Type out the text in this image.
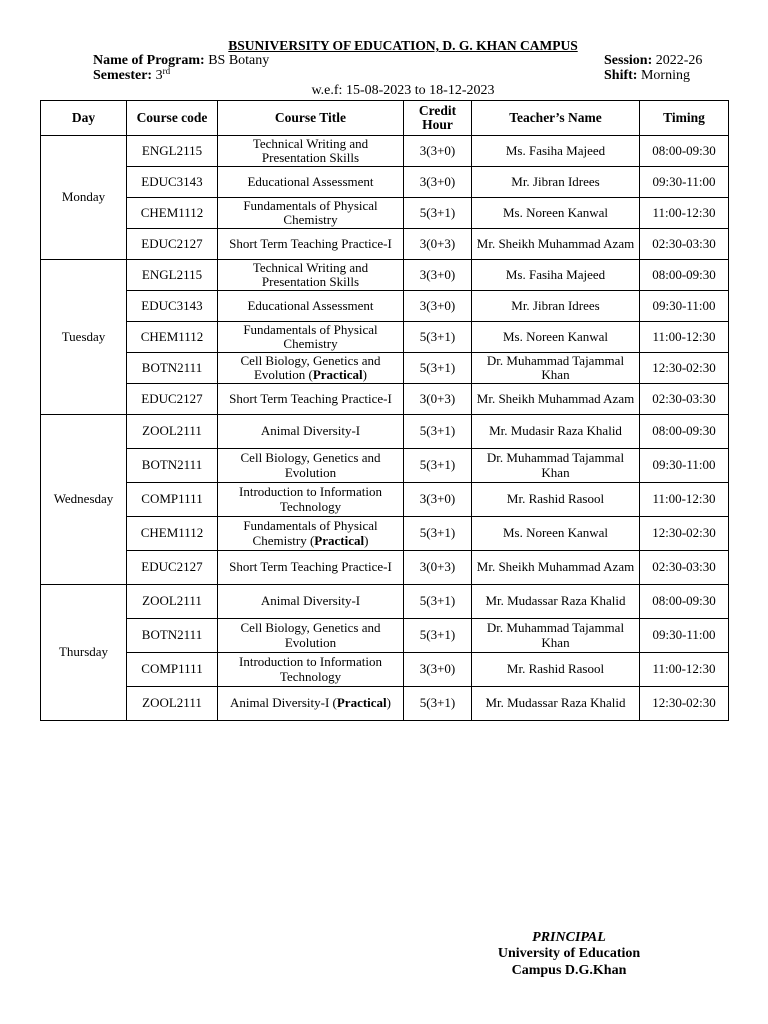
BSUNIVERSITY OF EDUCATION, D. G. KHAN CAMPUS
Name of Program: BS Botany
Semester: 3rd
Session: 2022-26
Shift: Morning
w.e.f: 15-08-2023 to 18-12-2023
Day	Course code	Course Title	Credit Hour	Teacher’s Name	Timing
Monday	ENGL2115	Technical Writing and Presentation Skills	3(3+0)	Ms. Fasiha Majeed	08:00-09:30
	EDUC3143	Educational Assessment	3(3+0)	Mr. Jibran Idrees	09:30-11:00
	CHEM1112	Fundamentals of Physical Chemistry	5(3+1)	Ms. Noreen Kanwal	11:00-12:30
	EDUC2127	Short Term Teaching Practice-I	3(0+3)	Mr. Sheikh Muhammad Azam	02:30-03:30
Tuesday	ENGL2115	Technical Writing and Presentation Skills	3(3+0)	Ms. Fasiha Majeed	08:00-09:30
	EDUC3143	Educational Assessment	3(3+0)	Mr. Jibran Idrees	09:30-11:00
	CHEM1112	Fundamentals of Physical Chemistry	5(3+1)	Ms. Noreen Kanwal	11:00-12:30
	BOTN2111	Cell Biology, Genetics and Evolution (Practical)	5(3+1)	Dr. Muhammad Tajammal Khan	12:30-02:30
	EDUC2127	Short Term Teaching Practice-I	3(0+3)	Mr. Sheikh Muhammad Azam	02:30-03:30
Wednesday	ZOOL2111	Animal Diversity-I	5(3+1)	Mr. Mudasir Raza Khalid	08:00-09:30
	BOTN2111	Cell Biology, Genetics and Evolution	5(3+1)	Dr. Muhammad Tajammal Khan	09:30-11:00
	COMP1111	Introduction to Information Technology	3(3+0)	Mr. Rashid Rasool	11:00-12:30
	CHEM1112	Fundamentals of Physical Chemistry (Practical)	5(3+1)	Ms. Noreen Kanwal	12:30-02:30
	EDUC2127	Short Term Teaching Practice-I	3(0+3)	Mr. Sheikh Muhammad Azam	02:30-03:30
Thursday	ZOOL2111	Animal Diversity-I	5(3+1)	Mr. Mudassar Raza Khalid	08:00-09:30
	BOTN2111	Cell Biology, Genetics and Evolution	5(3+1)	Dr. Muhammad Tajammal Khan	09:30-11:00
	COMP1111	Introduction to Information Technology	3(3+0)	Mr. Rashid Rasool	11:00-12:30
	ZOOL2111	Animal Diversity-I (Practical)	5(3+1)	Mr. Mudassar Raza Khalid	12:30-02:30
PRINCIPAL
University of Education
Campus D.G.Khan
